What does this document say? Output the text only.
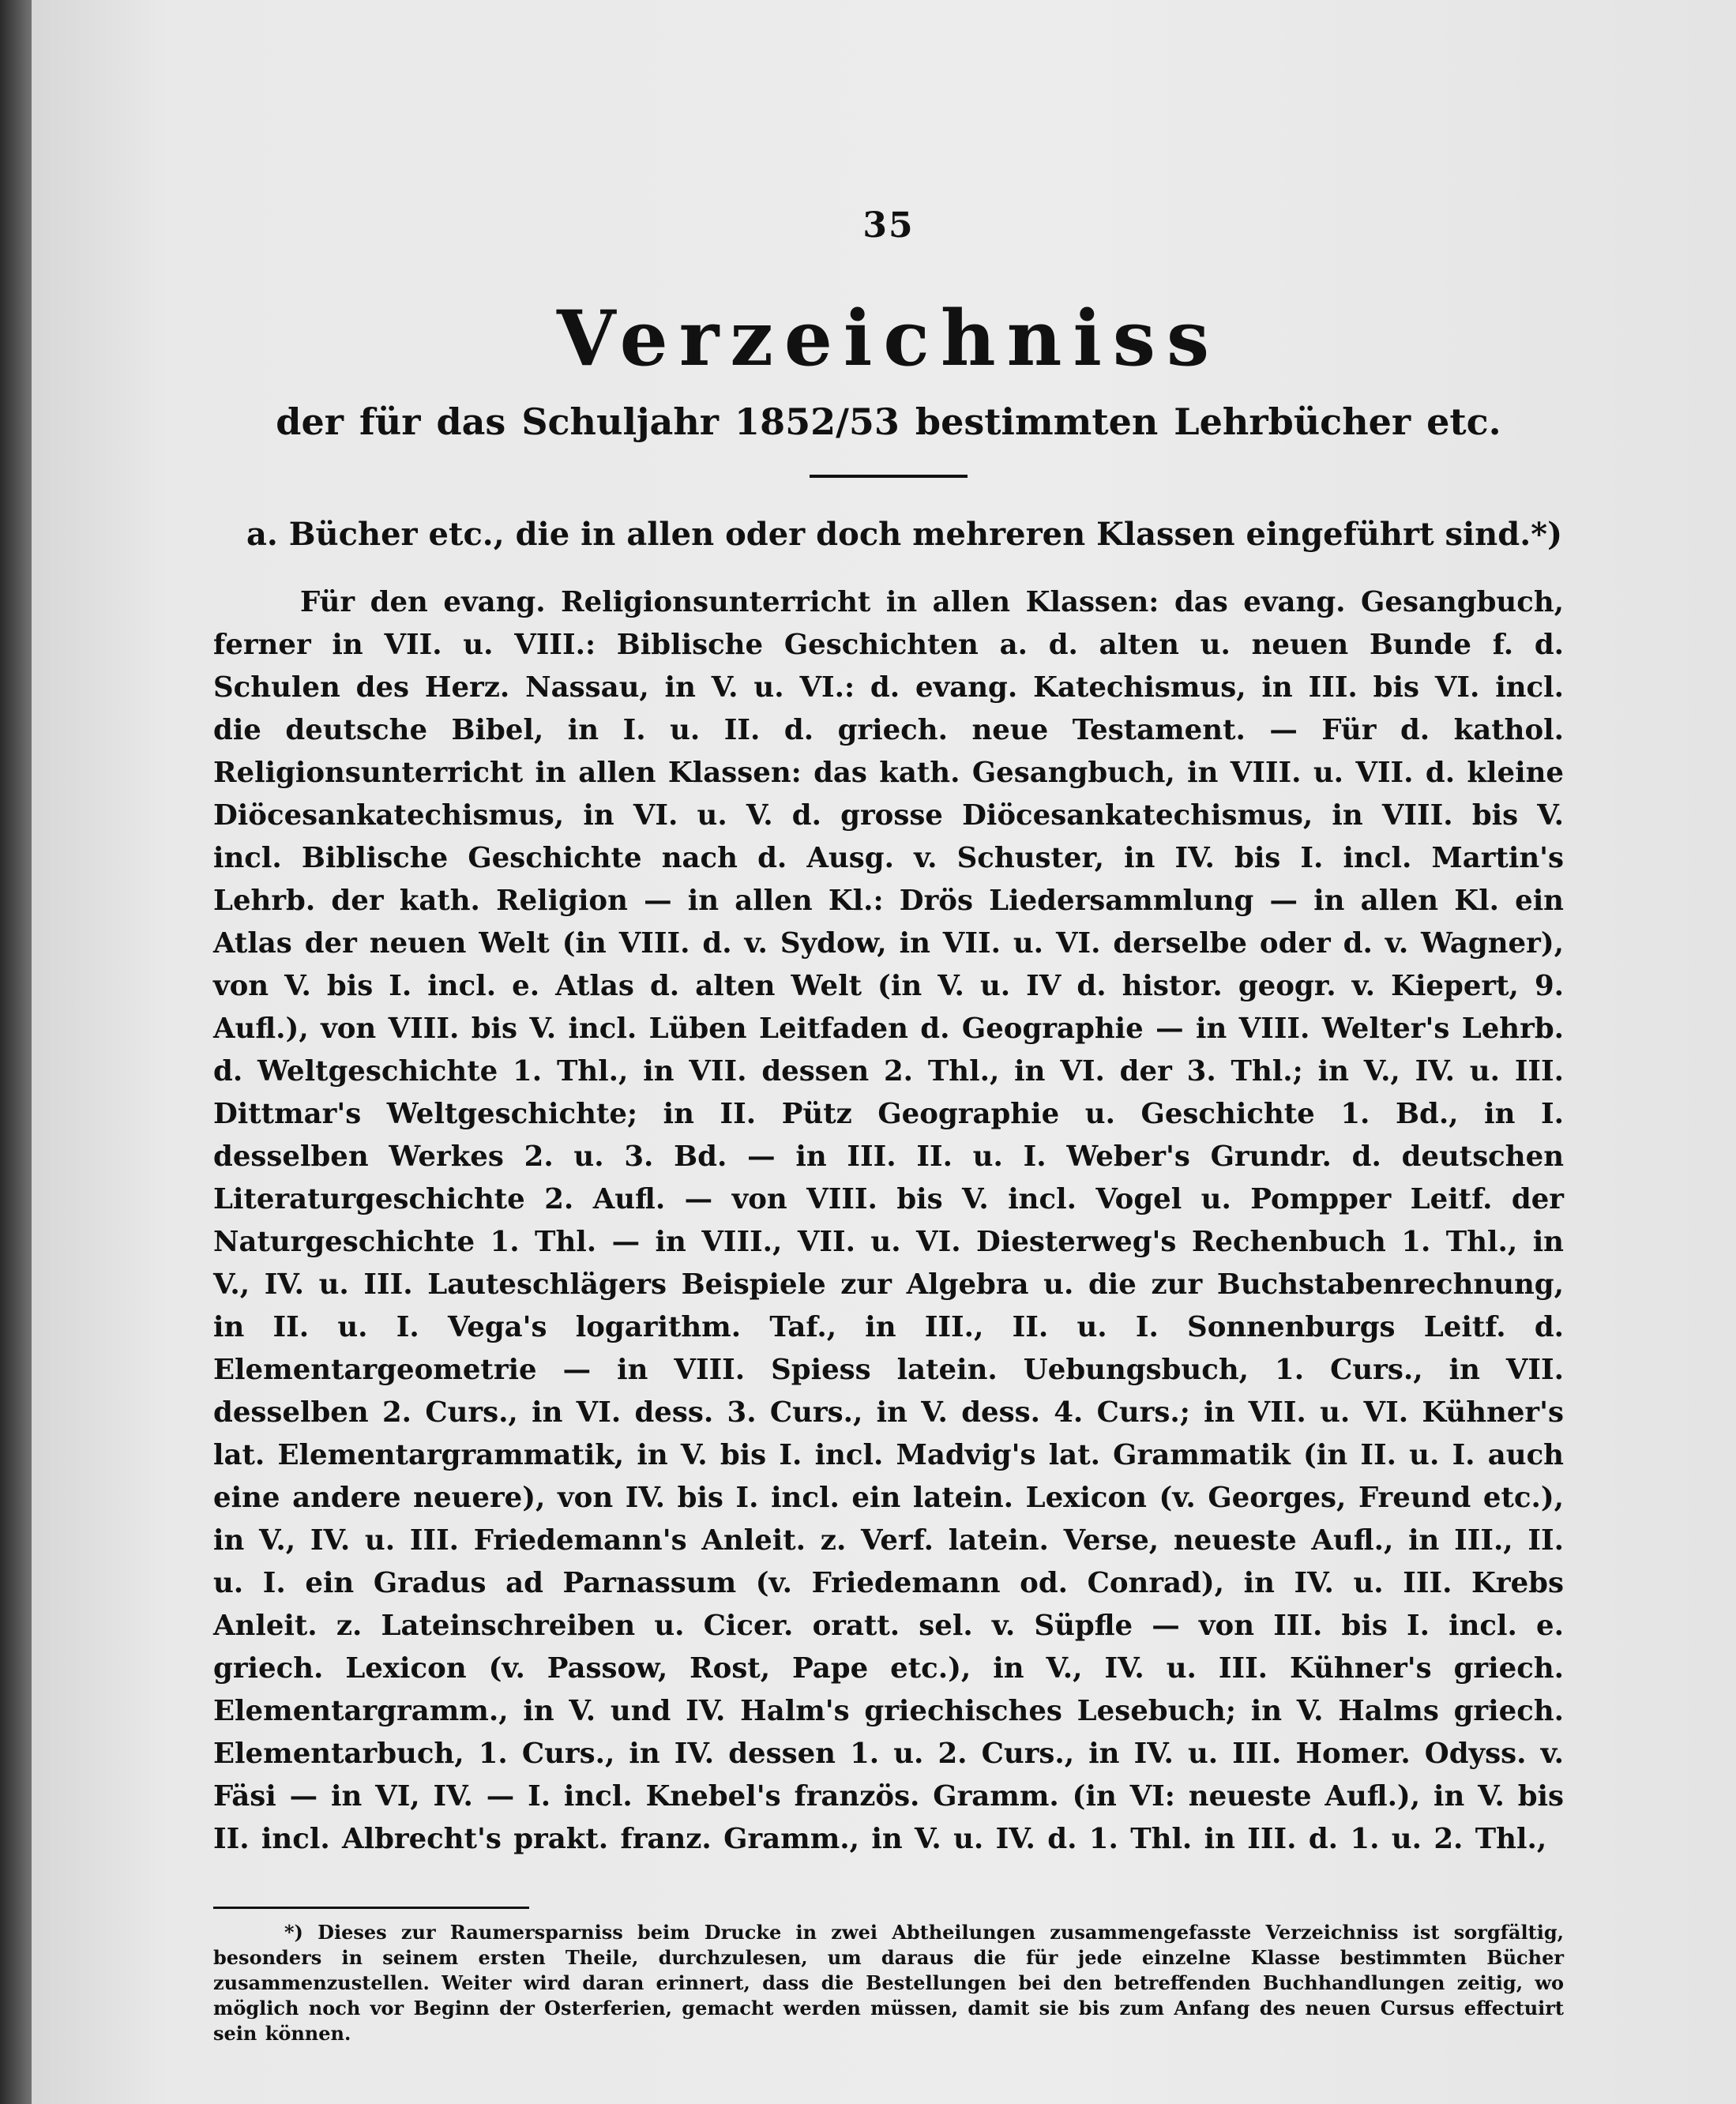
35
Verzeichniss
der für das Schuljahr 1852/53 bestimmten Lehrbücher etc.
a. Bücher etc., die in allen oder doch mehreren Klassen eingeführt sind.*)

Für den evang. Religionsunterricht in allen Klassen: das evang. Gesangbuch, ferner in VII. u. VIII.: Biblische Geschichten a. d. alten u. neuen Bunde f. d. Schulen des Herz. Nassau, in V. u. VI.: d. evang. Katechismus, in III. bis VI. incl. die deutsche Bibel, in I. u. II. d. griech. neue Testament. — Für d. kathol. Religionsunterricht in allen Klassen: das kath. Gesangbuch, in VIII. u. VII. d. kleine Diöcesankatechismus, in VI. u. V. d. grosse Diöcesankatechismus, in VIII. bis V. incl. Biblische Geschichte nach d. Ausg. v. Schuster, in IV. bis I. incl. Martin's Lehrb. der kath. Religion — in allen Kl.: Drös Liedersammlung — in allen Kl. ein Atlas der neuen Welt (in VIII. d. v. Sydow, in VII. u. VI. derselbe oder d. v. Wagner), von V. bis I. incl. e. Atlas d. alten Welt (in V. u. IV d. histor. geogr. v. Kiepert, 9. Aufl.), von VIII. bis V. incl. Lüben Leitfaden d. Geographie — in VIII. Welter's Lehrb. d. Weltgeschichte 1. Thl., in VII. dessen 2. Thl., in VI. der 3. Thl.; in V., IV. u. III. Dittmar's Weltgeschichte; in II. Pütz Geographie u. Geschichte 1. Bd., in I. desselben Werkes 2. u. 3. Bd. — in III. II. u. I. Weber's Grundr. d. deutschen Literaturgeschichte 2. Aufl. — von VIII. bis V. incl. Vogel u. Pompper Leitf. der Naturgeschichte 1. Thl. — in VIII., VII. u. VI. Diesterweg's Rechenbuch 1. Thl., in V., IV. u. III. Lauteschlägers Beispiele zur Algebra u. die zur Buchstabenrechnung, in II. u. I. Vega's logarithm. Taf., in III., II. u. I. Sonnenburgs Leitf. d. Elementargeometrie — in VIII. Spiess latein. Uebungsbuch, 1. Curs., in VII. desselben 2. Curs., in VI. dess. 3. Curs., in V. dess. 4. Curs.; in VII. u. VI. Kühner's lat. Elementargrammatik, in V. bis I. incl. Madvig's lat. Grammatik (in II. u. I. auch eine andere neuere), von IV. bis I. incl. ein latein. Lexicon (v. Georges, Freund etc.), in V., IV. u. III. Friedemann's Anleit. z. Verf. latein. Verse, neueste Aufl., in III., II. u. I. ein Gradus ad Parnassum (v. Friedemann od. Conrad), in IV. u. III. Krebs Anleit. z. Lateinschreiben u. Cicer. oratt. sel. v. Süpfle — von III. bis I. incl. e. griech. Lexicon (v. Passow, Rost, Pape etc.), in V., IV. u. III. Kühner's griech. Elementargramm., in V. und IV. Halm's griechisches Lesebuch; in V. Halms griech. Elementarbuch, 1. Curs., in IV. dessen 1. u. 2. Curs., in IV. u. III. Homer. Odyss. v. Fäsi — in VI, IV. — I. incl. Knebel's französ. Gramm. (in VI: neueste Aufl.), in V. bis II. incl. Albrecht's prakt. franz. Gramm., in V. u. IV. d. 1. Thl. in III. d. 1. u. 2. Thl.,

*) Dieses zur Raumersparniss beim Drucke in zwei Abtheilungen zusammengefasste Verzeichniss ist sorgfältig, besonders in seinem ersten Theile, durchzulesen, um daraus die für jede einzelne Klasse bestimmten Bücher zusammenzustellen. Weiter wird daran erinnert, dass die Bestellungen bei den betreffenden Buchhandlungen zeitig, wo möglich noch vor Beginn der Osterferien, gemacht werden müssen, damit sie bis zum Anfang des neuen Cursus effectuirt sein können.
